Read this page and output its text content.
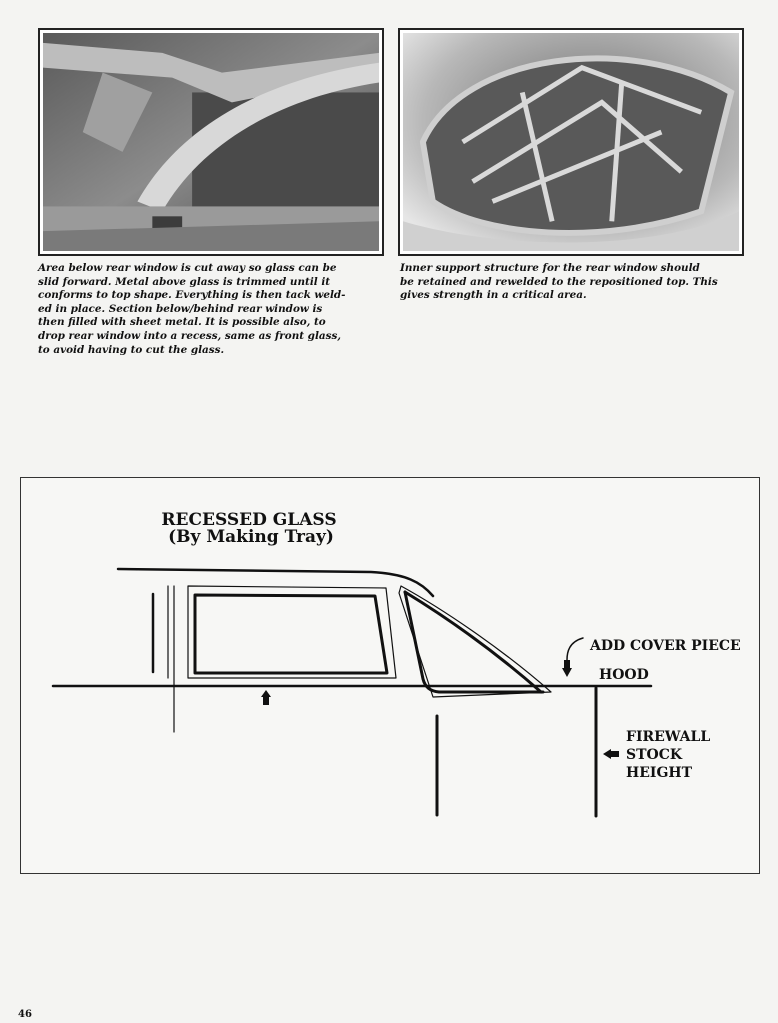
Area below rear window is cut away so glass can be
slid forward. Metal above glass is trimmed until it
conforms to top shape. Everything is then tack weld-
ed in place. Section below/behind rear window is
then filled with sheet metal. It is possible also, to
drop rear window into a recess, same as front glass,
to avoid having to cut the glass.

Inner support structure for the rear window should
be retained and rewelded to the repositioned top. This
gives strength in a critical area.

RECESSED GLASS
(By Making Tray)
ADD COVER PIECE
HOOD
FIREWALL
STOCK
HEIGHT
46
